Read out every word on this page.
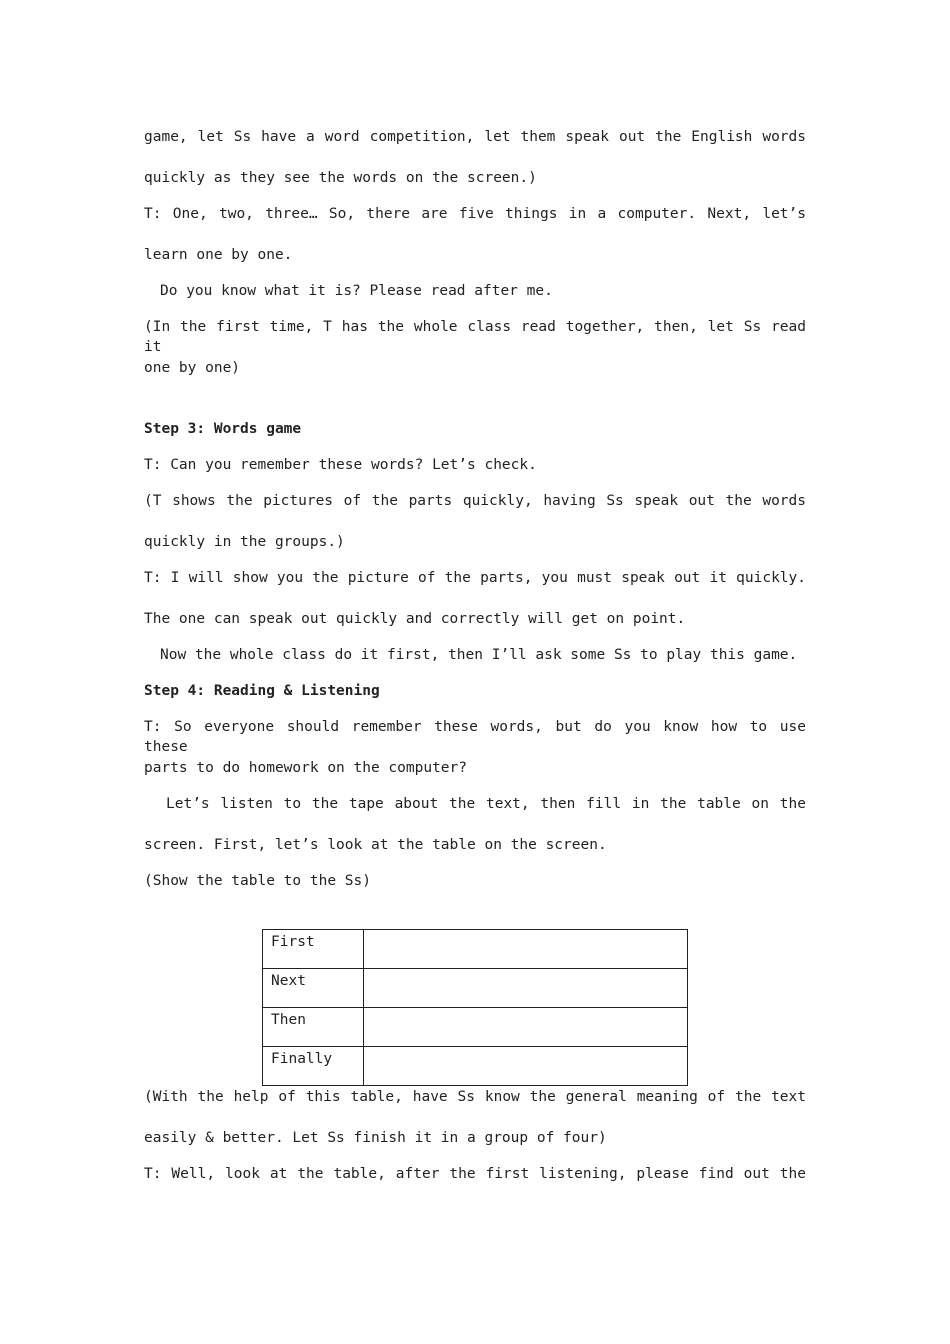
game, let Ss have a word competition, let them speak out the English words
quickly as they see the words on the screen.)
T: One, two, three… So, there are five things in a computer. Next, let’s
learn one by one.
Do you know what it is? Please read after me.
(In the first time, T has the whole class read together, then, let Ss read it
one by one)
Step 3: Words game
T: Can you remember these words? Let’s check.
(T shows the pictures of the parts quickly, having Ss speak out the words
quickly in the groups.)
T: I will show you the picture of the parts, you must speak out it quickly.
The one can speak out quickly and correctly will get on point.
Now the whole class do it first, then I’ll ask some Ss to play this game.
Step 4: Reading & Listening
T: So everyone should remember these words, but do you know how to use these
parts to do homework on the computer?
Let’s listen to the tape about the text, then fill in the table on the
screen. First, let’s look at the table on the screen.
(Show the table to the Ss)
First	
Next	
Then	
Finally	
(With the help of this table, have Ss know the general meaning of the text
easily & better. Let Ss finish it in a group of four)
T: Well, look at the table, after the first listening, please find out the
